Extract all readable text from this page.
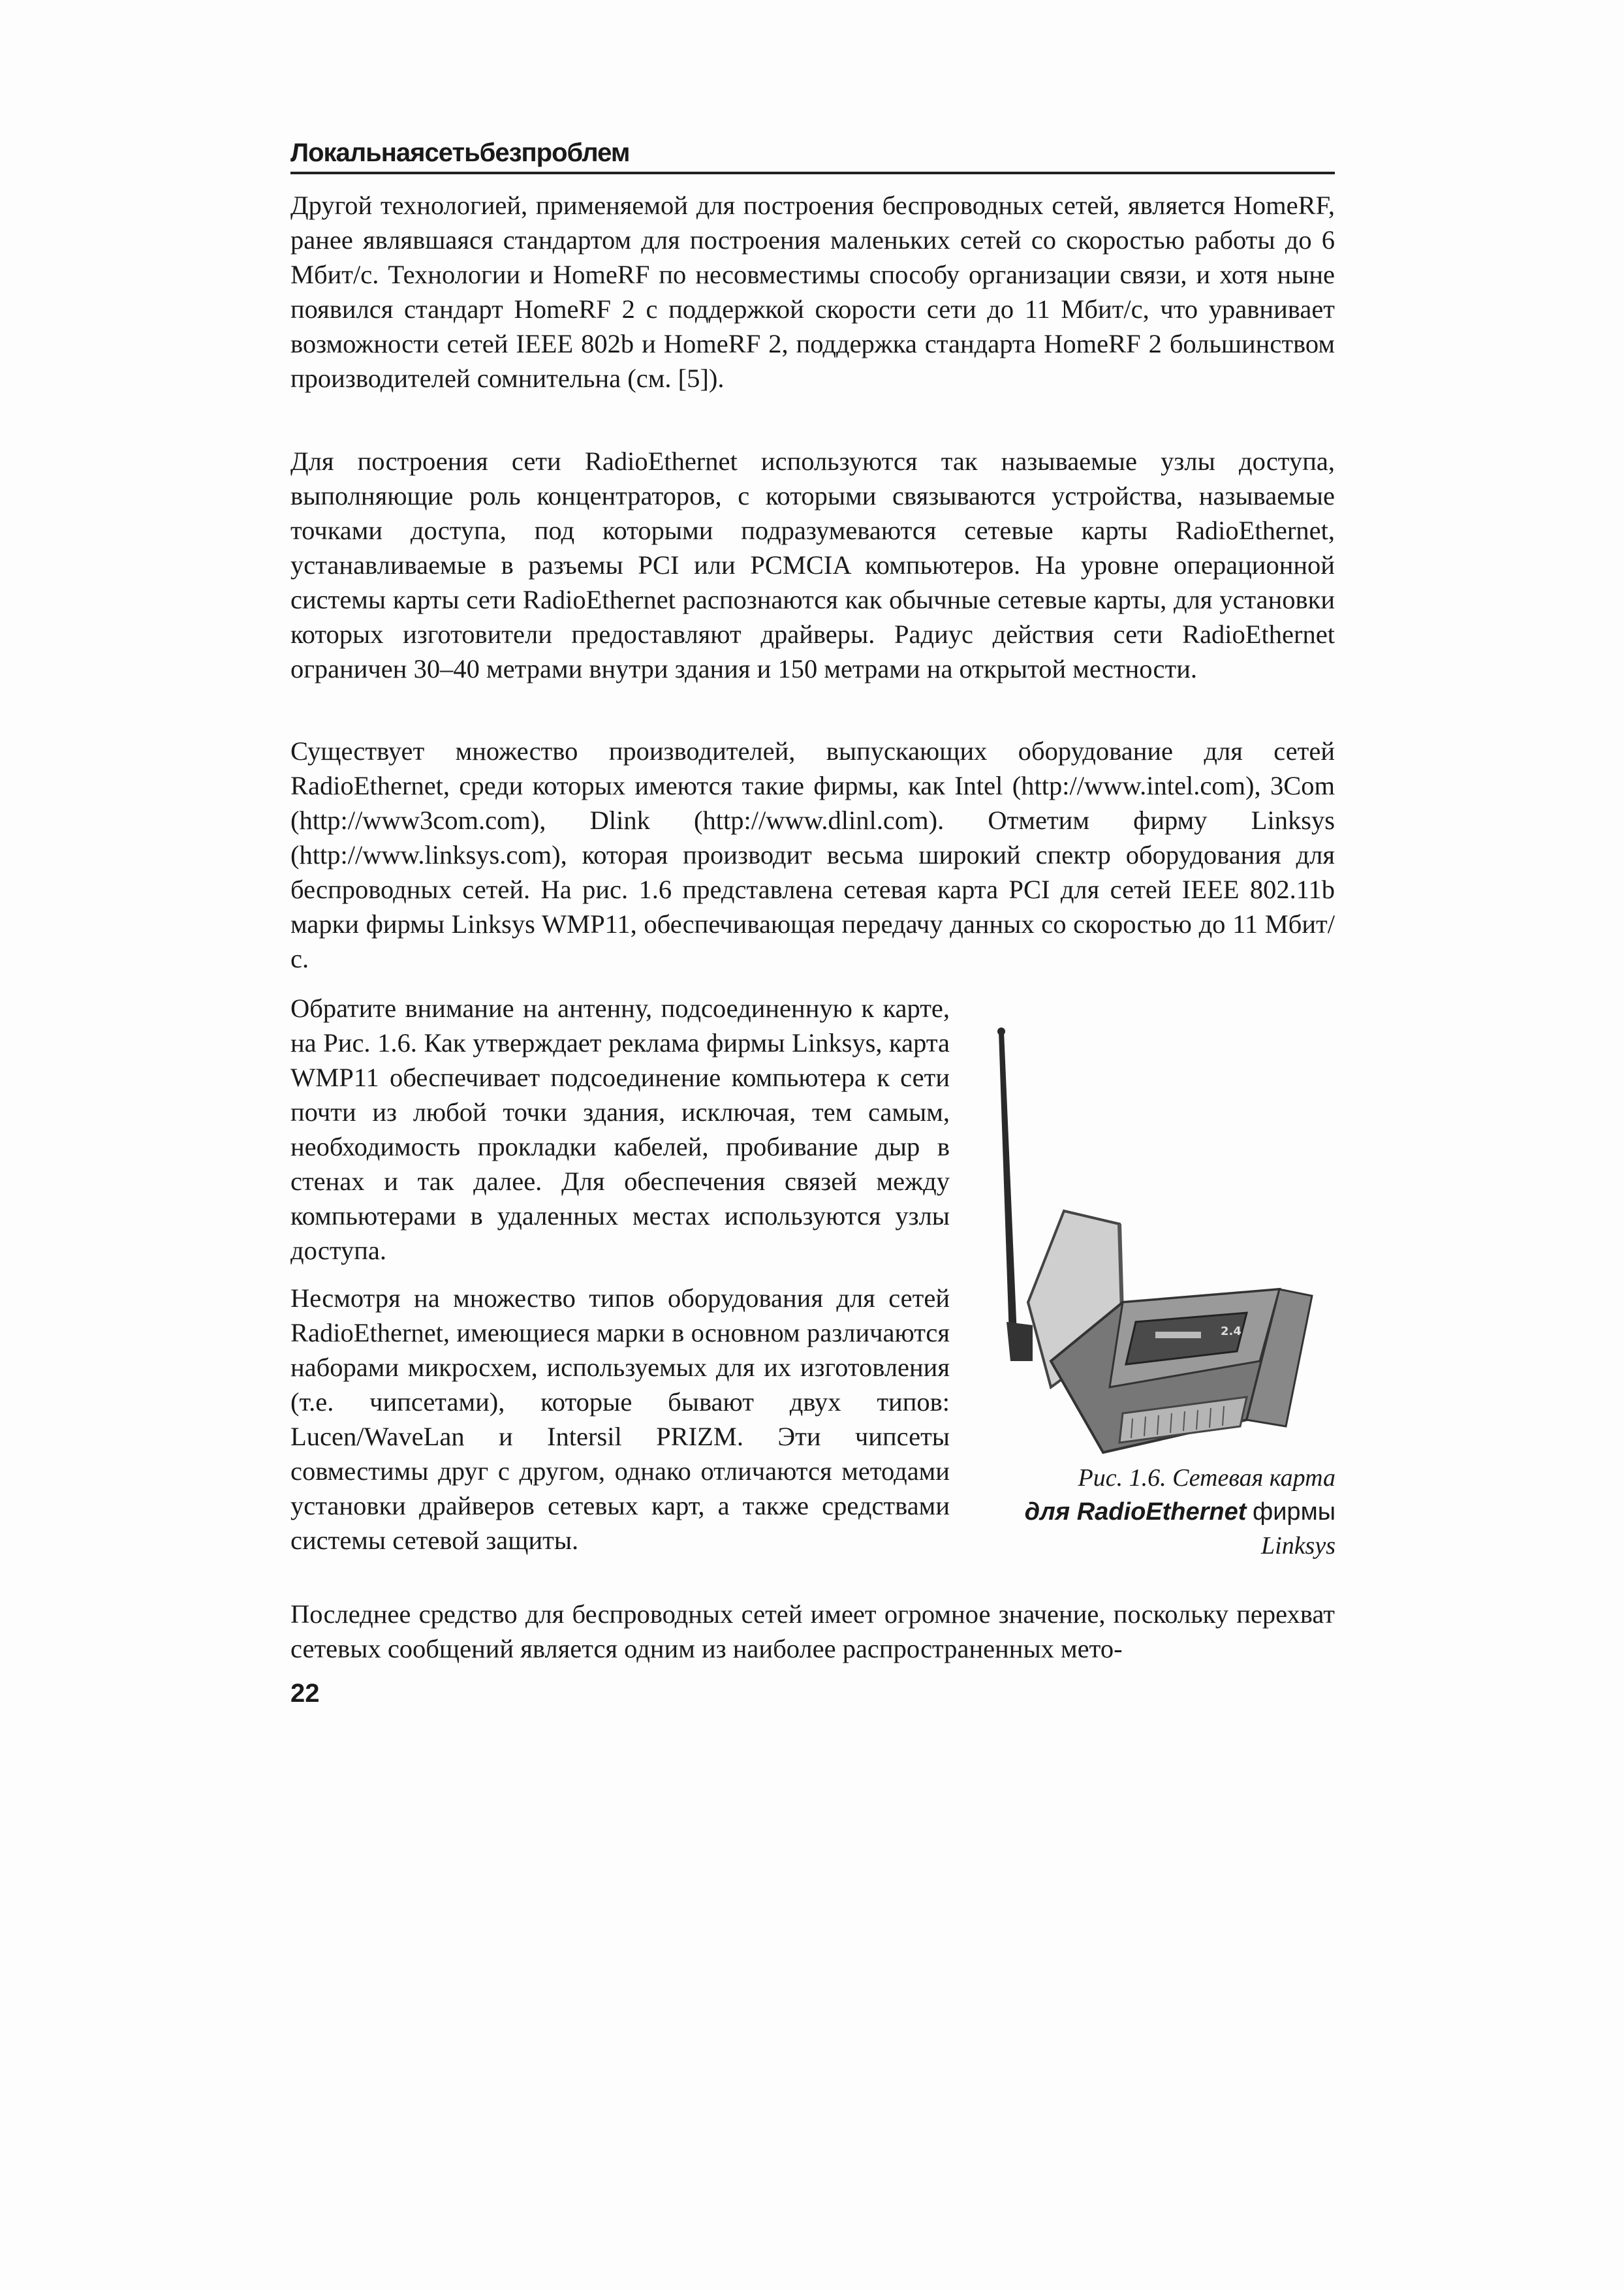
Локальнаясетьбезпроблем

Другой технологией, применяемой для построения беспроводных сетей, является HomeRF, ранее являвшаяся стандартом для построения маленьких сетей со скоростью работы до 6 Мбит/с. Технологии и HomeRF по несовместимы способу организации связи, и хотя ныне появился стандарт HomeRF 2 с поддержкой скорости сети до 11 Мбит/с, что уравнивает возможности сетей IEEE 802b и HomeRF 2, поддержка стандарта HomeRF 2 большинством производителей сомнительна (см. [5]).

Для построения сети RadioEthernet используются так называемые узлы доступа, выполняющие роль концентраторов, с которыми связываются устройства, называемые точками доступа, под которыми подразумеваются сетевые карты RadioEthernet, устанавливаемые в разъемы PCI или PCMCIA компьютеров. На уровне операционной системы карты сети RadioEthernet распознаются как обычные сетевые карты, для установки которых изготовители предоставляют драйверы. Радиус действия сети RadioEthernet ограничен 30–40 метрами внутри здания и 150 метрами на открытой местности.

Существует множество производителей, выпускающих оборудование для сетей RadioEthernet, среди которых имеются такие фирмы, как Intel (http://www.intel.com), 3Com (http://www3com.com), Dlink (http://www.dlinl.com). Отметим фирму Linksys (http://www.linksys.com), которая производит весьма широкий спектр оборудования для беспроводных сетей. На рис. 1.6 представлена сетевая карта PCI для сетей IEEE 802.11b марки фирмы Linksys WMP11, обеспечивающая передачу данных со скоростью до 11 Мбит/с.

Обратите внимание на антенну, подсоединенную к карте, на Рис. 1.6. Как утверждает реклама фирмы Linksys, карта WMP11 обеспечивает подсоединение компьютера к сети почти из любой точки здания, исключая, тем самым, необходимость прокладки кабелей, пробивание дыр в стенах и так далее. Для обеспечения связей между компьютерами в удаленных местах используются узлы доступа.

Несмотря на множество типов оборудования для сетей RadioEthernet, имеющиеся марки в основном различаются наборами микросхем, используемых для их изготовления (т.е. чипсетами), которые бывают двух типов: Lucen/WaveLan и Intersil PRIZM. Эти чипсеты совместимы друг с другом, однако отличаются методами установки драйверов сетевых карт, а также средствами системы сетевой защиты.

2.4
Рис. 1.6. Сетевая карта
для RadioEthernet фирмы
Linksys

Последнее средство для беспроводных сетей имеет огромное значение, поскольку перехват сетевых сообщений является одним из наиболее распространенных мето-

22
